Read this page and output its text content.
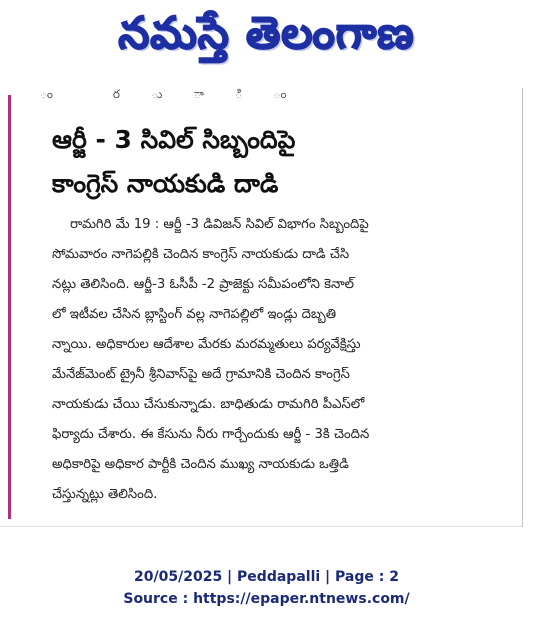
నమస్తే తెలంగాణ
ం ర ు ా ి ం
ఆర్జీ - 3 సివిల్ సిబ్బందిపై
కాంగ్రెస్ నాయకుడి దాడి
రామగిరి మే 19 : ఆర్జీ -3 డివిజన్ సివిల్ విభాగం సిబ్బందిపై
సోమవారం నాగెపల్లికి చెందిన కాంగ్రెస్ నాయకుడు దాడి చేసి
నట్లు తెలిసింది. ఆర్జీ-3 ఓసీపీ -2 ప్రాజెక్టు సమీపంలోని కెనాల్
లో ఇటీవల చేసిన బ్లాస్టింగ్ వల్ల నాగెపల్లిలో ఇండ్లు దెబ్బతి
న్నాయి. అధికారుల ఆదేశాల మేరకు మరమ్మతులు పర్యవేక్షిస్తు
మేనేజ్‌మెంట్ ట్రైనీ శ్రీనివాస్‌పై అదే గ్రామానికి చెందిన కాంగ్రెస్
నాయకుడు చేయి చేసుకున్నాడు. బాధితుడు రామగిరి పీఎస్‌లో
ఫిర్యాదు చేశారు. ఈ కేసును నీరు గార్చేందుకు ఆర్జీ - 3కి చెందిన
అధికారిపై అధికార పార్టీకి చెందిన ముఖ్య నాయకుడు ఒత్తిడి
చేస్తున్నట్లు తెలిసింది.
20/05/2025 | Peddapalli | Page : 2
Source : https://epaper.ntnews.com/
